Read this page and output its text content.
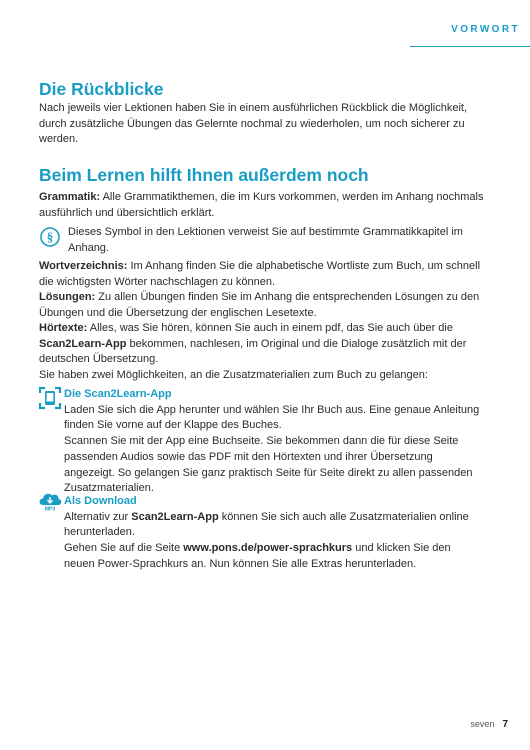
VORWORT
Die Rückblicke

Nach jeweils vier Lektionen haben Sie in einem ausführlichen Rückblick die Möglichkeit, durch zusätzliche Übungen das Gelernte nochmal zu wiederholen, um noch sicherer zu werden.

Beim Lernen hilft Ihnen außerdem noch

Grammatik: Alle Grammatikthemen, die im Kurs vorkommen, werden im Anhang nochmals ausführlich und übersichtlich erklärt.

§ Dieses Symbol in den Lektionen verweist Sie auf bestimmte Grammatikkapitel im Anhang.

Wortverzeichnis: Im Anhang finden Sie die alphabetische Wortliste zum Buch, um schnell die wichtigsten Wörter nachschlagen zu können.

Lösungen: Zu allen Übungen finden Sie im Anhang die entsprechenden Lösungen zu den Übungen und die Übersetzung der englischen Lesetexte.

Hörtexte: Alles, was Sie hören, können Sie auch in einem pdf, das Sie auch über die Scan2Learn-App bekommen, nachlesen, im Original und die Dialoge zusätzlich mit der deutschen Übersetzung.

Sie haben zwei Möglichkeiten, an die Zusatzmaterialien zum Buch zu gelangen:

Die Scan2Learn-App
Laden Sie sich die App herunter und wählen Sie Ihr Buch aus. Eine genaue Anleitung finden Sie vorne auf der Klappe des Buches.
Scannen Sie mit der App eine Buchseite. Sie bekommen dann die für diese Seite passenden Audios sowie das PDF mit den Hörtexten und ihrer Übersetzung angezeigt. So gelangen Sie ganz praktisch Seite für Seite direkt zu allen passenden Zusatzmaterialien.
MP3
Als Download
Alternativ zur Scan2Learn-App können Sie sich auch alle Zusatzmaterialien online herunterladen.
Gehen Sie auf die Seite www.pons.de/power-sprachkurs und klicken Sie den neuen Power-Sprachkurs an. Nun können Sie alle Extras herunterladen.
seven 7
